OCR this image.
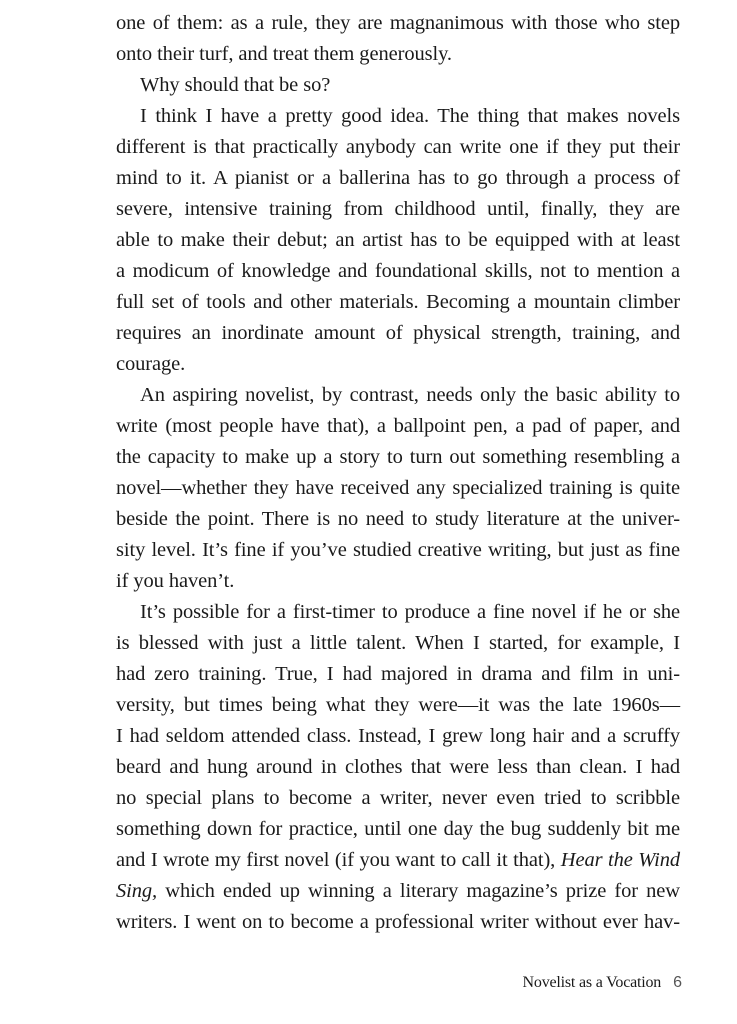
one of them: as a rule, they are magnanimous with those who step
onto their turf, and treat them generously.
Why should that be so?
I think I have a pretty good idea. The thing that makes novels
different is that practically anybody can write one if they put their
mind to it. A pianist or a ballerina has to go through a process of
severe, intensive training from childhood until, finally, they are
able to make their debut; an artist has to be equipped with at least
a modicum of knowledge and foundational skills, not to mention a
full set of tools and other materials. Becoming a mountain climber
requires an inordinate amount of physical strength, training, and
courage.
An aspiring novelist, by contrast, needs only the basic ability to
write (most people have that), a ballpoint pen, a pad of paper, and
the capacity to make up a story to turn out something resembling a
novel—whether they have received any specialized training is quite
beside the point. There is no need to study literature at the univer-
sity level. It’s fine if you’ve studied creative writing, but just as fine
if you haven’t.
It’s possible for a first-timer to produce a fine novel if he or she
is blessed with just a little talent. When I started, for example, I
had zero training. True, I had majored in drama and film in uni-
versity, but times being what they were—it was the late 1960s—
I had seldom attended class. Instead, I grew long hair and a scruffy
beard and hung around in clothes that were less than clean. I had
no special plans to become a writer, never even tried to scribble
something down for practice, until one day the bug suddenly bit me
and I wrote my first novel (if you want to call it that), Hear the Wind
Sing, which ended up winning a literary magazine’s prize for new
writers. I went on to become a professional writer without ever hav-
Novelist as a Vocation 6
